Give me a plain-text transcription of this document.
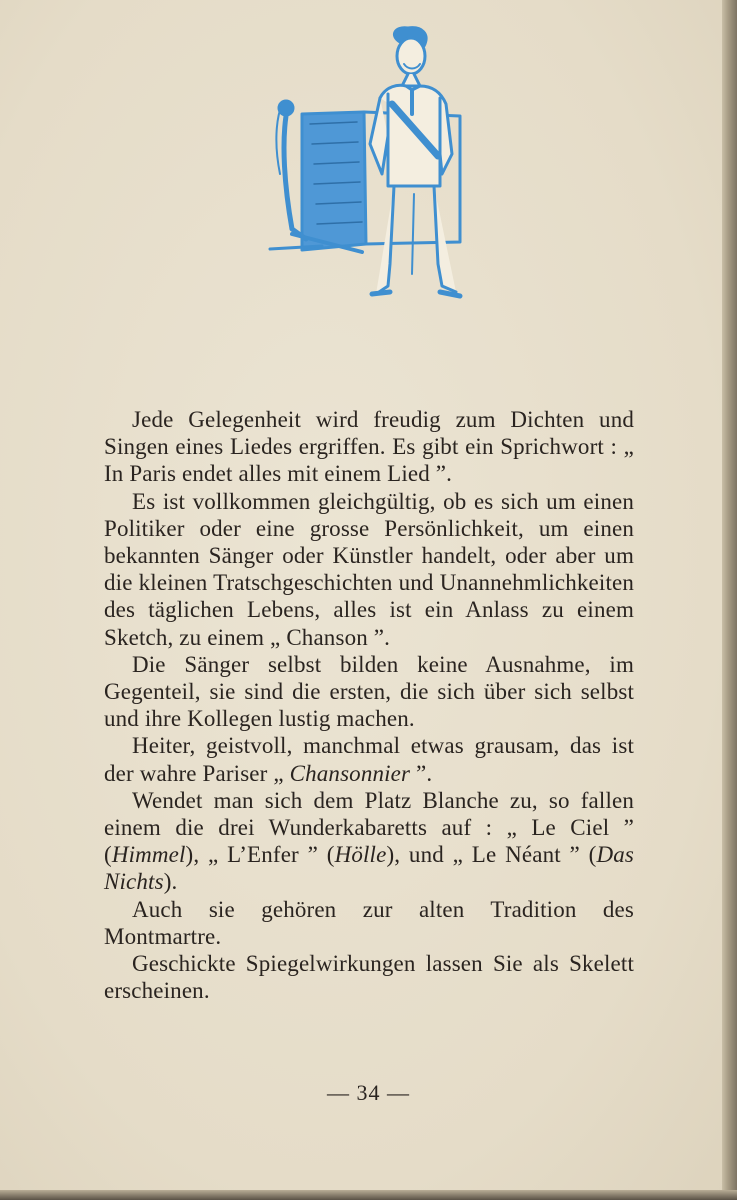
Jede Gelegenheit wird freudig zum Dichten und Singen eines Liedes ergriffen. Es gibt ein Sprichwort : „ In Paris endet alles mit einem Lied ”.

Es ist vollkommen gleichgültig, ob es sich um einen Politiker oder eine grosse Persönlichkeit, um einen bekannten Sänger oder Künstler handelt, oder aber um die kleinen Tratschgeschichten und Unannehmlichkeiten des täglichen Lebens, alles ist ein Anlass zu einem Sketch, zu einem „ Chanson ”.

Die Sänger selbst bilden keine Ausnahme, im Gegenteil, sie sind die ersten, die sich über sich selbst und ihre Kollegen lustig machen.

Heiter, geistvoll, manchmal etwas grausam, das ist der wahre Pariser „ Chansonnier ”.

Wendet man sich dem Platz Blanche zu, so fallen einem die drei Wunderkabaretts auf : „ Le Ciel ” (Himmel), „ L’Enfer ” (Hölle), und „ Le Néant ” (Das Nichts).

Auch sie gehören zur alten Tradition des Montmartre.

Geschickte Spiegelwirkungen lassen Sie als Skelett erscheinen.

— 34 —
